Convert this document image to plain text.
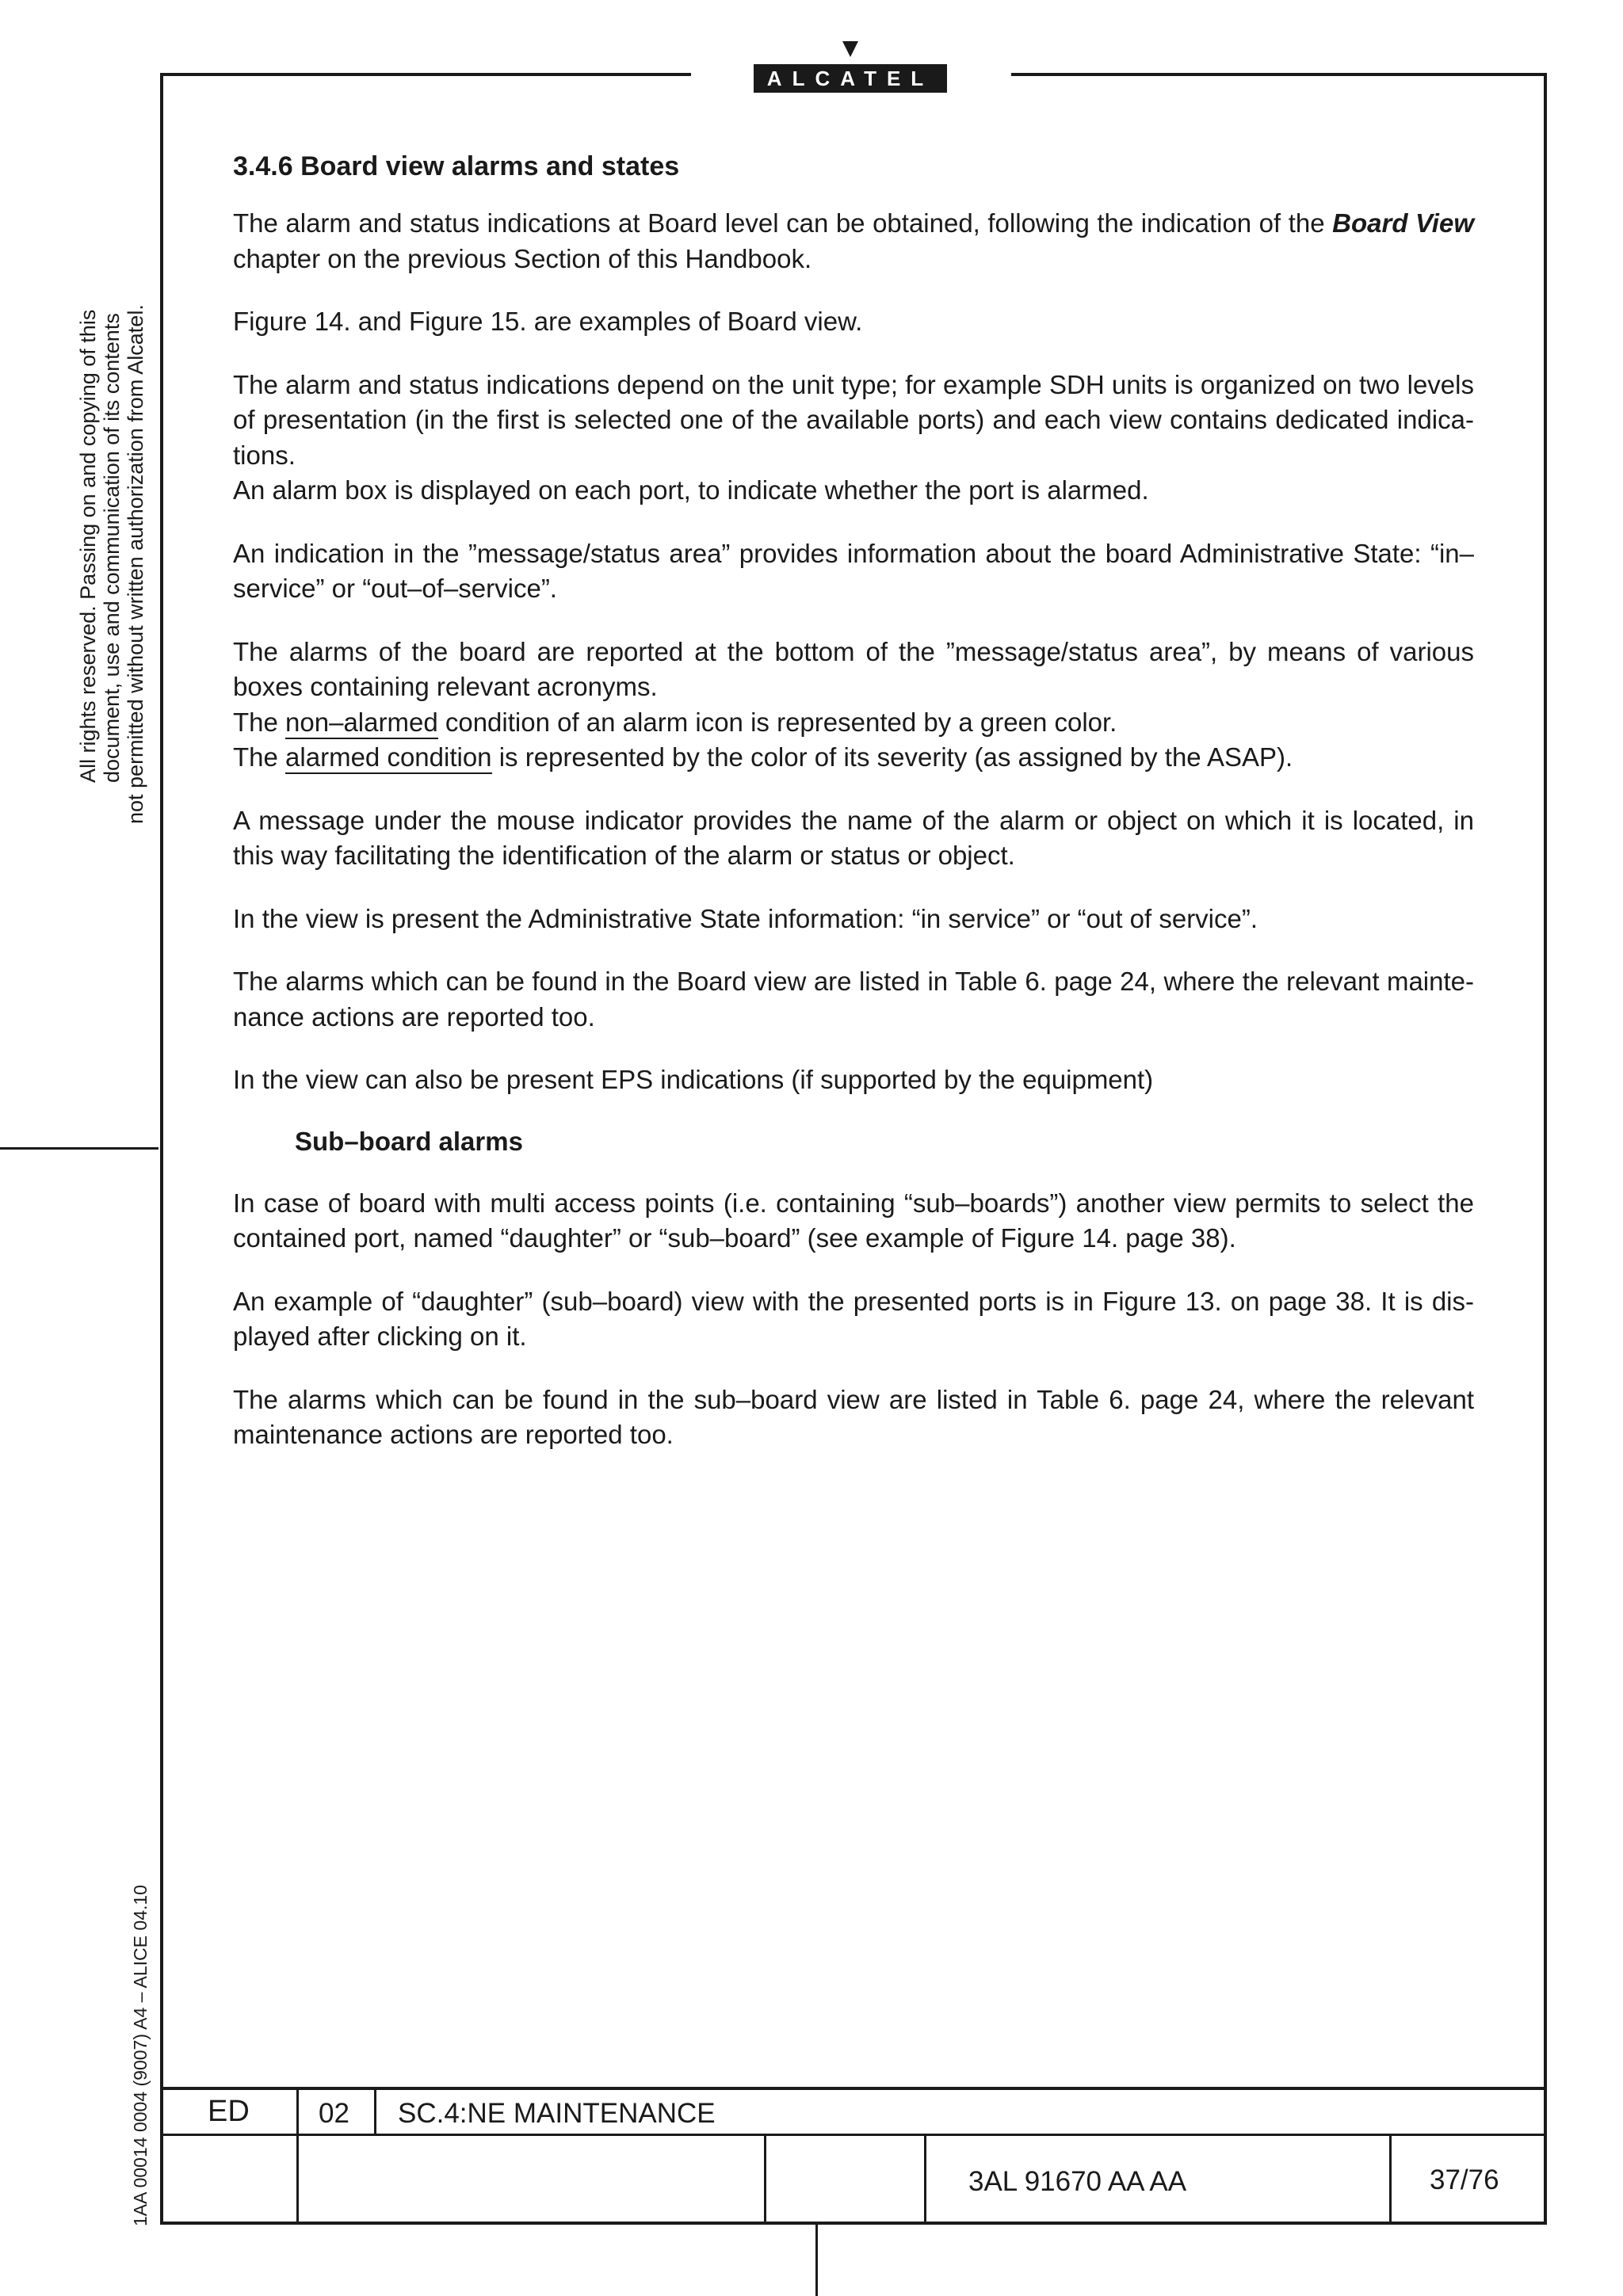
ALCATEL
All rights reserved. Passing on and copying of this document, use and communication of its contents not permitted without written authorization from Alcatel.
1AA 00014 0004 (9007) A4 – ALICE 04.10
3.4.6 Board view alarms and states
The alarm and status indications at Board level can be obtained, following the indication of the Board View
chapter on the previous Section of this Handbook.
Figure 14. and Figure 15. are examples of Board view.
The alarm and status indications depend on the unit type; for example SDH units is organized on two levels
of presentation (in the first is selected one of the available ports) and each view contains dedicated indica-
tions.
An alarm box is displayed on each port, to indicate whether the port is alarmed.
An indication in the ”message/status area” provides information about the board Administrative State: “in–
service” or “out–of–service”.
The alarms of the board are reported at the bottom of the ”message/status area”, by means of various
boxes containing relevant acronyms.
The non–alarmed condition of an alarm icon is represented by a green color.
The alarmed condition is represented by the color of its severity (as assigned by the ASAP).
A message under the mouse indicator provides the name of the alarm or object on which it is located, in
this way facilitating the identification of the alarm or status or object.
In the view is present the Administrative State information: “in service” or “out of service”.
The alarms which can be found in the Board view are listed in Table 6. page 24, where the relevant mainte-
nance actions are reported too.
In the view can also be present EPS indications (if supported by the equipment)
Sub–board alarms
In case of board with multi access points (i.e. containing “sub–boards”) another view permits to select the
contained port, named “daughter” or “sub–board” (see example of Figure 14. page 38).
An example of “daughter” (sub–board) view with the presented ports is in Figure 13. on page 38. It is dis-
played after clicking on it.
The alarms which can be found in the sub–board view are listed in Table 6. page 24, where the relevant
maintenance actions are reported too.
ED 02 SC.4:NE MAINTENANCE
3AL 91670 AA AA	37/76
